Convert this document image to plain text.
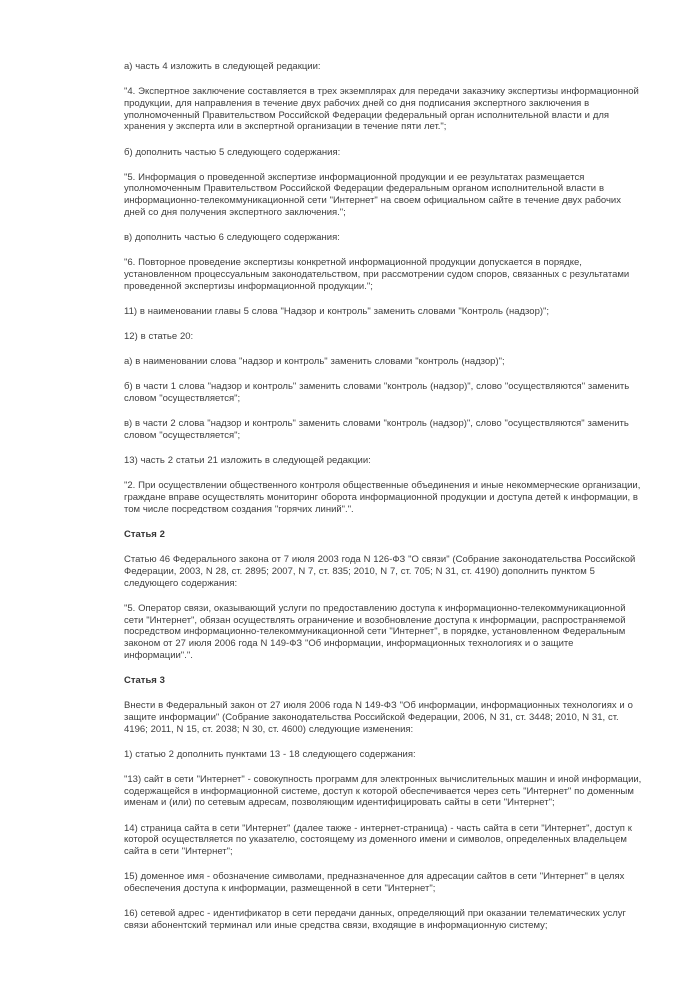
а) часть 4 изложить в следующей редакции:

"4. Экспертное заключение составляется в трех экземплярах для передачи заказчику экспертизы информационной продукции, для направления в течение двух рабочих дней со дня подписания экспертного заключения в уполномоченный Правительством Российской Федерации федеральный орган исполнительной власти и для хранения у эксперта или в экспертной организации в течение пяти лет.";

б) дополнить частью 5 следующего содержания:

"5. Информация о проведенной экспертизе информационной продукции и ее результатах размещается уполномоченным Правительством Российской Федерации федеральным органом исполнительной власти в информационно-телекоммуникационной сети "Интернет" на своем официальном сайте в течение двух рабочих дней со дня получения экспертного заключения.";

в) дополнить частью 6 следующего содержания:

"6. Повторное проведение экспертизы конкретной информационной продукции допускается в порядке, установленном процессуальным законодательством, при рассмотрении судом споров, связанных с результатами проведенной экспертизы информационной продукции.";

11) в наименовании главы 5 слова "Надзор и контроль" заменить словами "Контроль (надзор)";

12) в статье 20:

а) в наименовании слова "надзор и контроль" заменить словами "контроль (надзор)";

б) в части 1 слова "надзор и контроль" заменить словами "контроль (надзор)", слово "осуществляются" заменить словом "осуществляется";

в) в части 2 слова "надзор и контроль" заменить словами "контроль (надзор)", слово "осуществляются" заменить словом "осуществляется";

13) часть 2 статьи 21 изложить в следующей редакции:

"2. При осуществлении общественного контроля общественные объединения и иные некоммерческие организации, граждане вправе осуществлять мониторинг оборота информационной продукции и доступа детей к информации, в том числе посредством создания "горячих линий".".

Статья 2

Статью 46 Федерального закона от 7 июля 2003 года N 126-ФЗ "О связи" (Собрание законодательства Российской Федерации, 2003, N 28, ст. 2895; 2007, N 7, ст. 835; 2010, N 7, ст. 705; N 31, ст. 4190) дополнить пунктом 5 следующего содержания:

"5. Оператор связи, оказывающий услуги по предоставлению доступа к информационно-телекоммуникационной сети "Интернет", обязан осуществлять ограничение и возобновление доступа к информации, распространяемой посредством информационно-телекоммуникационной сети "Интернет", в порядке, установленном Федеральным законом от 27 июля 2006 года N 149-ФЗ "Об информации, информационных технологиях и о защите информации".".

Статья 3

Внести в Федеральный закон от 27 июля 2006 года N 149-ФЗ "Об информации, информационных технологиях и о защите информации" (Собрание законодательства Российской Федерации, 2006, N 31, ст. 3448; 2010, N 31, ст. 4196; 2011, N 15, ст. 2038; N 30, ст. 4600) следующие изменения:

1) статью 2 дополнить пунктами 13 - 18 следующего содержания:

"13) сайт в сети "Интернет" - совокупность программ для электронных вычислительных машин и иной информации, содержащейся в информационной системе, доступ к которой обеспечивается через сеть "Интернет" по доменным именам и (или) по сетевым адресам, позволяющим идентифицировать сайты в сети "Интернет";

14) страница сайта в сети "Интернет" (далее также - интернет-страница) - часть сайта в сети "Интернет", доступ к которой осуществляется по указателю, состоящему из доменного имени и символов, определенных владельцем сайта в сети "Интернет";

15) доменное имя - обозначение символами, предназначенное для адресации сайтов в сети "Интернет" в целях обеспечения доступа к информации, размещенной в сети "Интернет";

16) сетевой адрес - идентификатор в сети передачи данных, определяющий при оказании телематических услуг связи абонентский терминал или иные средства связи, входящие в информационную систему;
